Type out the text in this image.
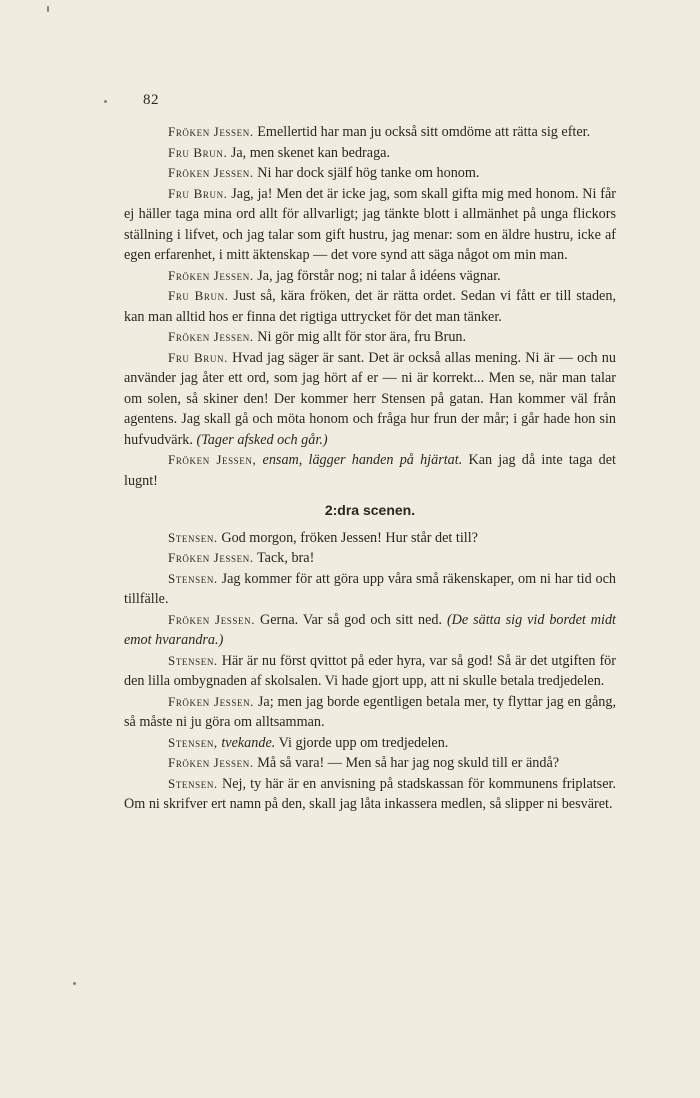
82

Fröken Jessen. Emellertid har man ju också sitt omdöme att rätta sig efter.

Fru Brun. Ja, men skenet kan bedraga.

Fröken Jessen. Ni har dock själf hög tanke om honom.

Fru Brun. Jag, ja! Men det är icke jag, som skall gifta mig med honom. Ni får ej häller taga mina ord allt för allvarligt; jag tänkte blott i allmänhet på unga flickors ställning i lifvet, och jag talar som gift hustru, jag menar: som en äldre hustru, icke af egen erfarenhet, i mitt äktenskap — det vore synd att säga något om min man.

Fröken Jessen. Ja, jag förstår nog; ni talar å idéens vägnar.

Fru Brun. Just så, kära fröken, det är rätta ordet. Sedan vi fått er till staden, kan man alltid hos er finna det rigtiga uttrycket för det man tänker.

Fröken Jessen. Ni gör mig allt för stor ära, fru Brun.

Fru Brun. Hvad jag säger är sant. Det är också allas mening. Ni är — och nu använder jag åter ett ord, som jag hört af er — ni är korrekt... Men se, när man talar om solen, så skiner den! Der kommer herr Stensen på gatan. Han kommer väl från agentens. Jag skall gå och möta honom och fråga hur frun der mår; i går hade hon sin hufvudvärk. (Tager afsked och går.)

Fröken Jessen, ensam, lägger handen på hjärtat. Kan jag då inte taga det lugnt!

2:dra scenen.

Stensen. God morgon, fröken Jessen! Hur står det till?

Fröken Jessen. Tack, bra!

Stensen. Jag kommer för att göra upp våra små räkenskaper, om ni har tid och tillfälle.

Fröken Jessen. Gerna. Var så god och sitt ned. (De sätta sig vid bordet midt emot hvarandra.)

Stensen. Här är nu först qvittot på eder hyra, var så god! Så är det utgiften för den lilla ombygnaden af skolsalen. Vi hade gjort upp, att ni skulle betala tredjedelen.

Fröken Jessen. Ja; men jag borde egentligen betala mer, ty flyttar jag en gång, så måste ni ju göra om alltsamman.

Stensen, tvekande. Vi gjorde upp om tredjedelen.

Fröken Jessen. Må så vara! — Men så har jag nog skuld till er ändå?

Stensen. Nej, ty här är en anvisning på stadskassan för kommunens friplatser. Om ni skrifver ert namn på den, skall jag låta inkassera medlen, så slipper ni besväret.
